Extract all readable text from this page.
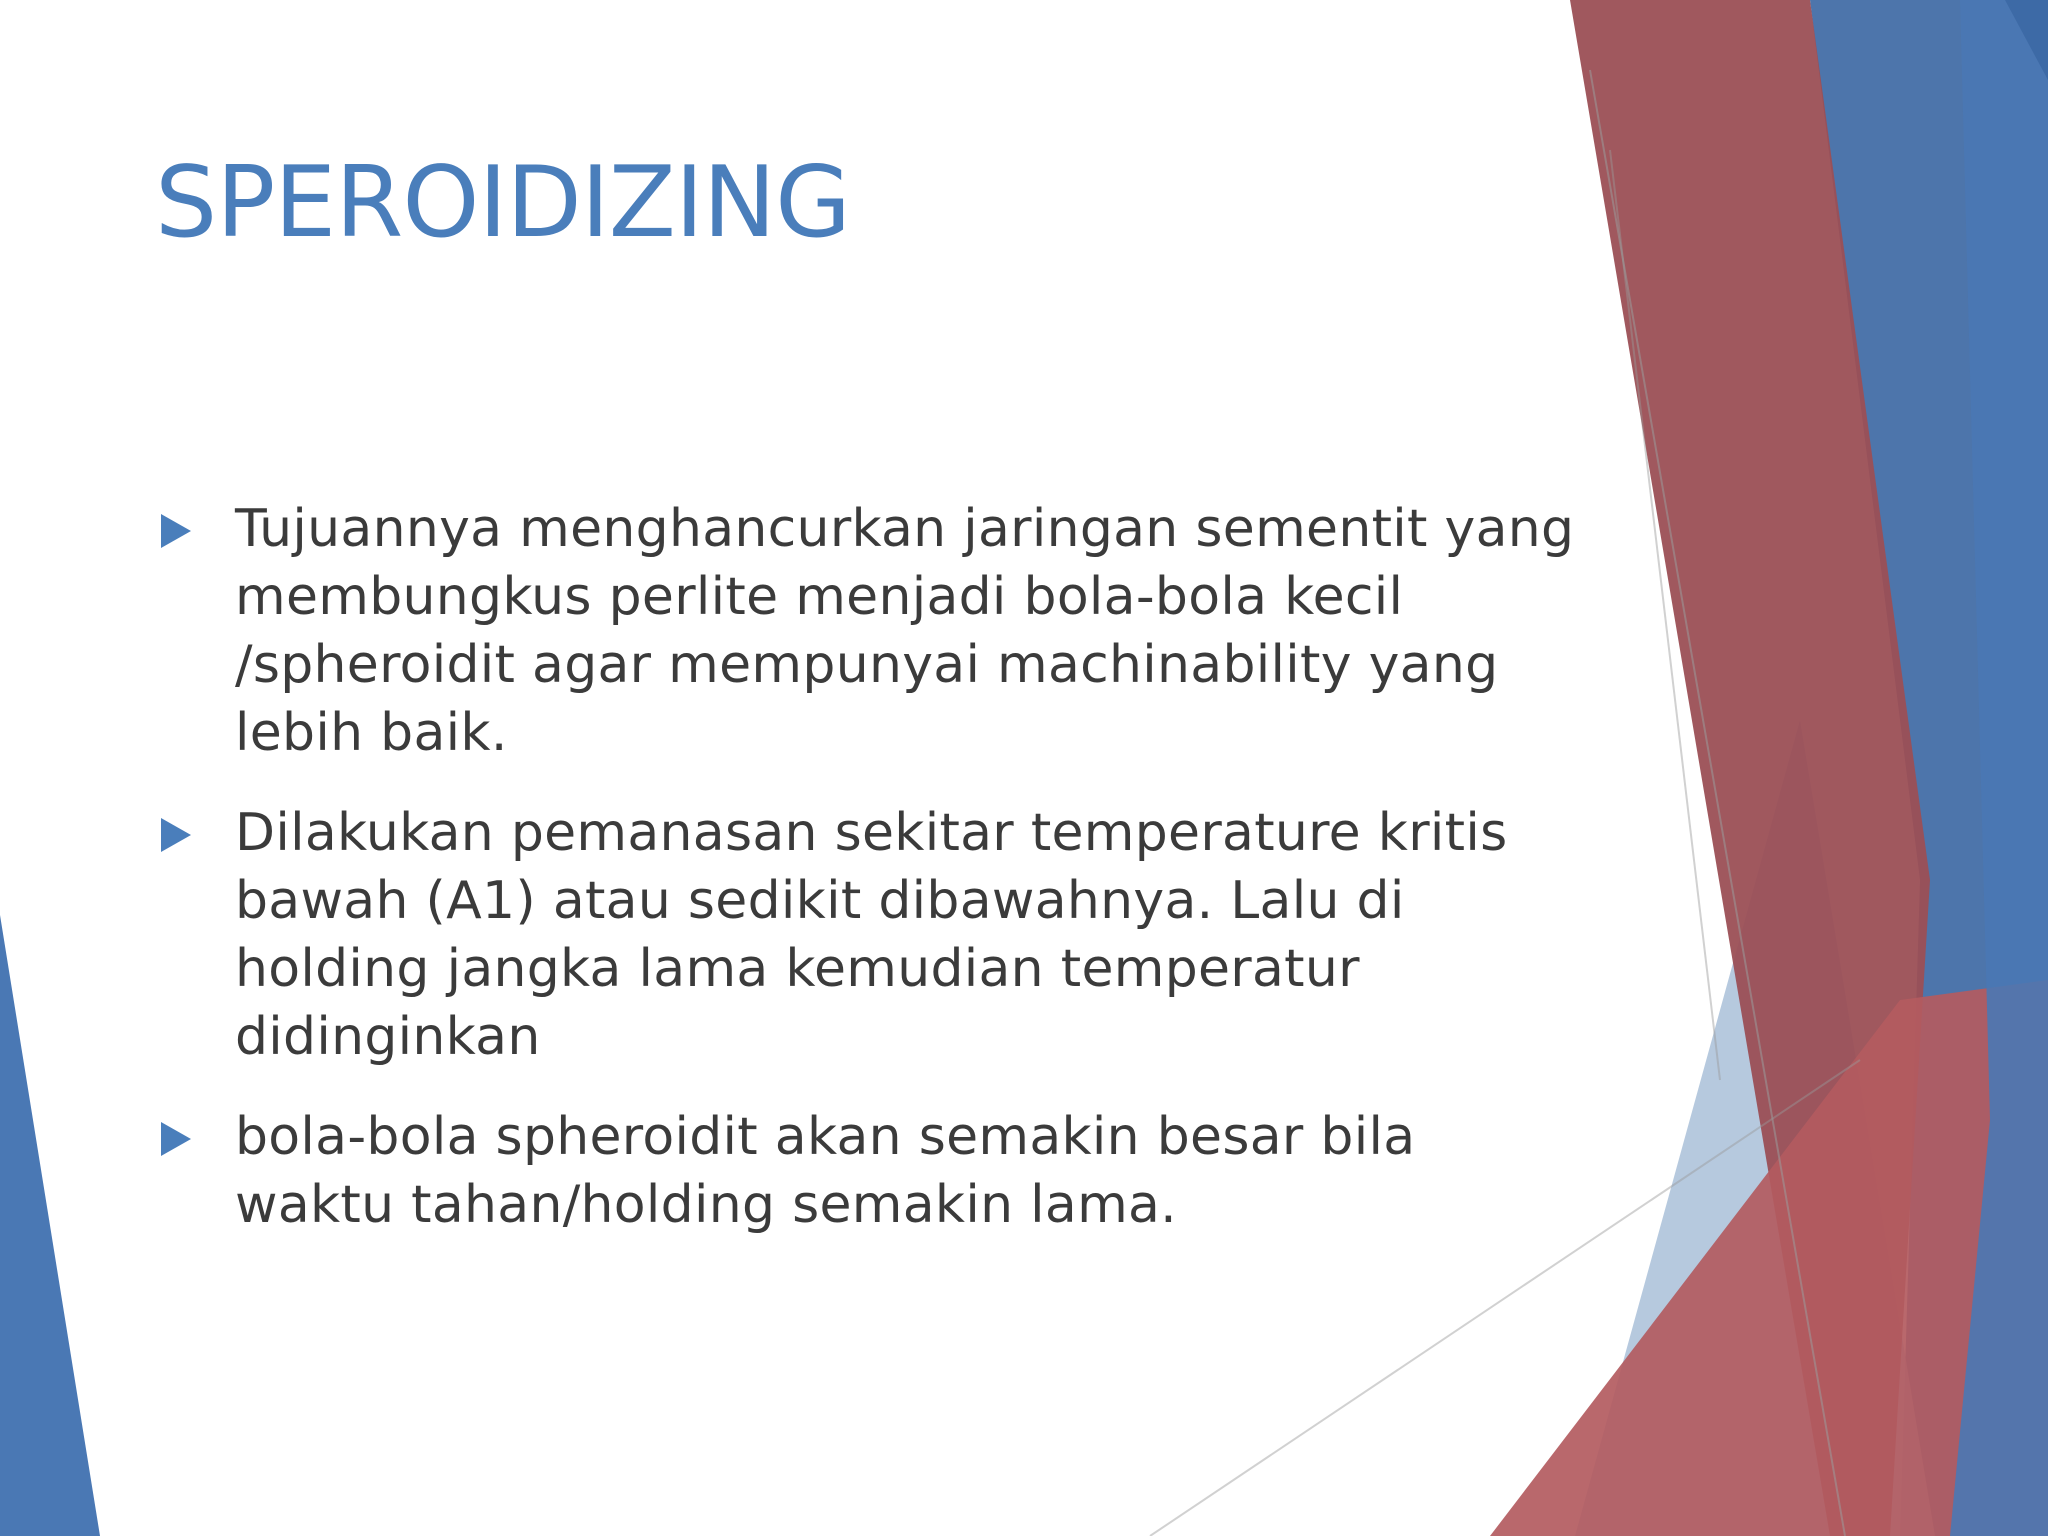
SPEROIDIZING
Tujuannya menghancurkan jaringan sementit yang membungkus perlite menjadi bola-bola kecil /spheroidit agar mempunyai machinability yang lebih baik.
Dilakukan pemanasan sekitar temperature kritis bawah (A1) atau sedikit dibawahnya. Lalu di holding jangka lama kemudian temperatur didinginkan
bola-bola spheroidit akan semakin besar bila waktu tahan/holding semakin lama.
